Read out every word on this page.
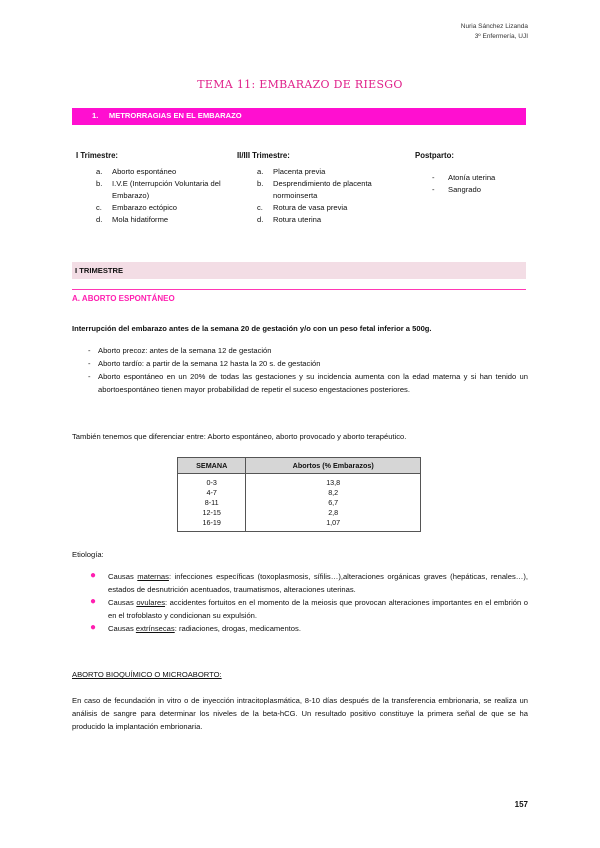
Nuria Sánchez Lizanda
3º Enfermería, UJI
TEMA 11: EMBARAZO DE RIESGO
1. METRORRAGIAS EN EL EMBARAZO
I Trimestre:
a. Aborto espontáneo
b. I.V.E (Interrupción Voluntaria del Embarazo)
c. Embarazo ectópico
d. Mola hidatiforme
II/III Trimestre:
a. Placenta previa
b. Desprendimiento de placenta normoinserta
c. Rotura de vasa previa
d. Rotura uterina
Postparto:
- Atonía uterina
- Sangrado
I TRIMESTRE
A. ABORTO ESPONTÁNEO
Interrupción del embarazo antes de la semana 20 de gestación y/o con un peso fetal inferior a 500g.
- Aborto precoz: antes de la semana 12 de gestación
- Aborto tardío: a partir de la semana 12 hasta la 20 s. de gestación
- Aborto espontáneo en un 20% de todas las gestaciones y su incidencia aumenta con la edad materna y si han tenido un abortoespontáneo tienen mayor probabilidad de repetir el suceso engestaciones posteriores.
También tenemos que diferenciar entre: Aborto espontáneo, aborto provocado y aborto terapéutico.
SEMANA	Abortos (% Embarazos)
0-3	13,8
4-7	8,2
8-11	6,7
12-15	2,8
16-19	1,07
Etiología:
● Causas maternas: infecciones específicas (toxoplasmosis, sífilis…),alteraciones orgánicas graves (hepáticas, renales…), estados de desnutrición acentuados, traumatismos, alteraciones uterinas.
● Causas ovulares: accidentes fortuitos en el momento de la meiosis que provocan alteraciones importantes en el embrión o en el trofoblasto y condicionan su expulsión.
● Causas extrínsecas: radiaciones, drogas, medicamentos.
ABORTO BIOQUÍMICO O MICROABORTO:
En caso de fecundación in vitro o de inyección intracitoplasmática, 8-10 días después de la transferencia embrionaria, se realiza un análisis de sangre para determinar los niveles de la beta-hCG. Un resultado positivo constituye la primera señal de que se ha producido la implantación embrionaria.
157
